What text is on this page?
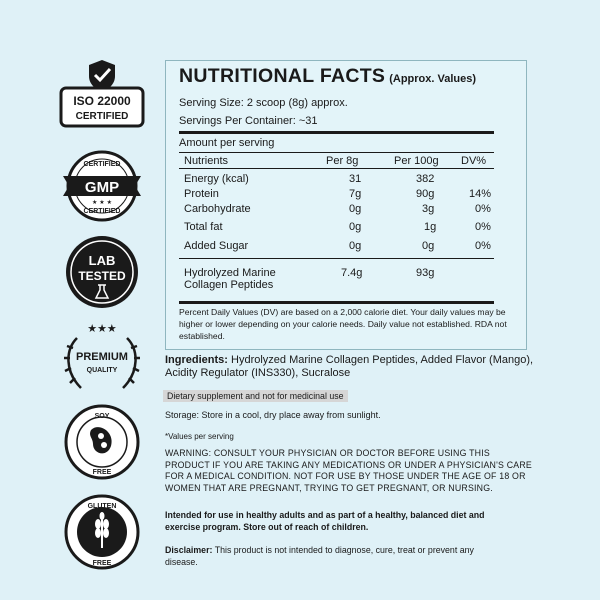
ISO 22000
CERTIFIED
CERTIFIED
GMP
★ ★ ★
CERTIFIED
LAB
TESTED
★★★
PREMIUM
QUALITY
SOY
FREE
GLUTEN
FREE
NUTRITIONAL FACTS (Approx. Values)
Serving Size: 2 scoop (8g) approx.
Servings Per Container: ~31
Amount per serving
Nutrients	Per 8g	Per 100g DV%
Energy (kcal)	31	382
Protein	7g	90g	14%
Carbohydrate	0g	3g	0%
Total fat	0g	1g	0%
Added Sugar	0g	0g	0%
Hydrolyzed Marine
Collagen Peptides
7.4g	93g
Percent Daily Values (DV) are based on a 2,000 calorie diet. Your daily values may be higher or lower depending on your calorie needs. Daily value not established. RDA not established.
Ingredients: Hydrolyzed Marine Collagen Peptides, Added Flavor (Mango), Acidity Regulator (INS330), Sucralose
Dietary supplement and not for medicinal use
Storage: Store in a cool, dry place away from sunlight.
*Values per serving
WARNING: CONSULT YOUR PHYSICIAN OR DOCTOR BEFORE USING THIS PRODUCT IF YOU ARE TAKING ANY MEDICATIONS OR UNDER A PHYSICIAN'S CARE FOR A MEDICAL CONDITION. NOT FOR USE BY THOSE UNDER THE AGE OF 18 OR WOMEN THAT ARE PREGNANT, TRYING TO GET PREGNANT, OR NURSING.
Intended for use in healthy adults and as part of a healthy, balanced diet and exercise program. Store out of reach of children.
Disclaimer: This product is not intended to diagnose, cure, treat or prevent any disease.
